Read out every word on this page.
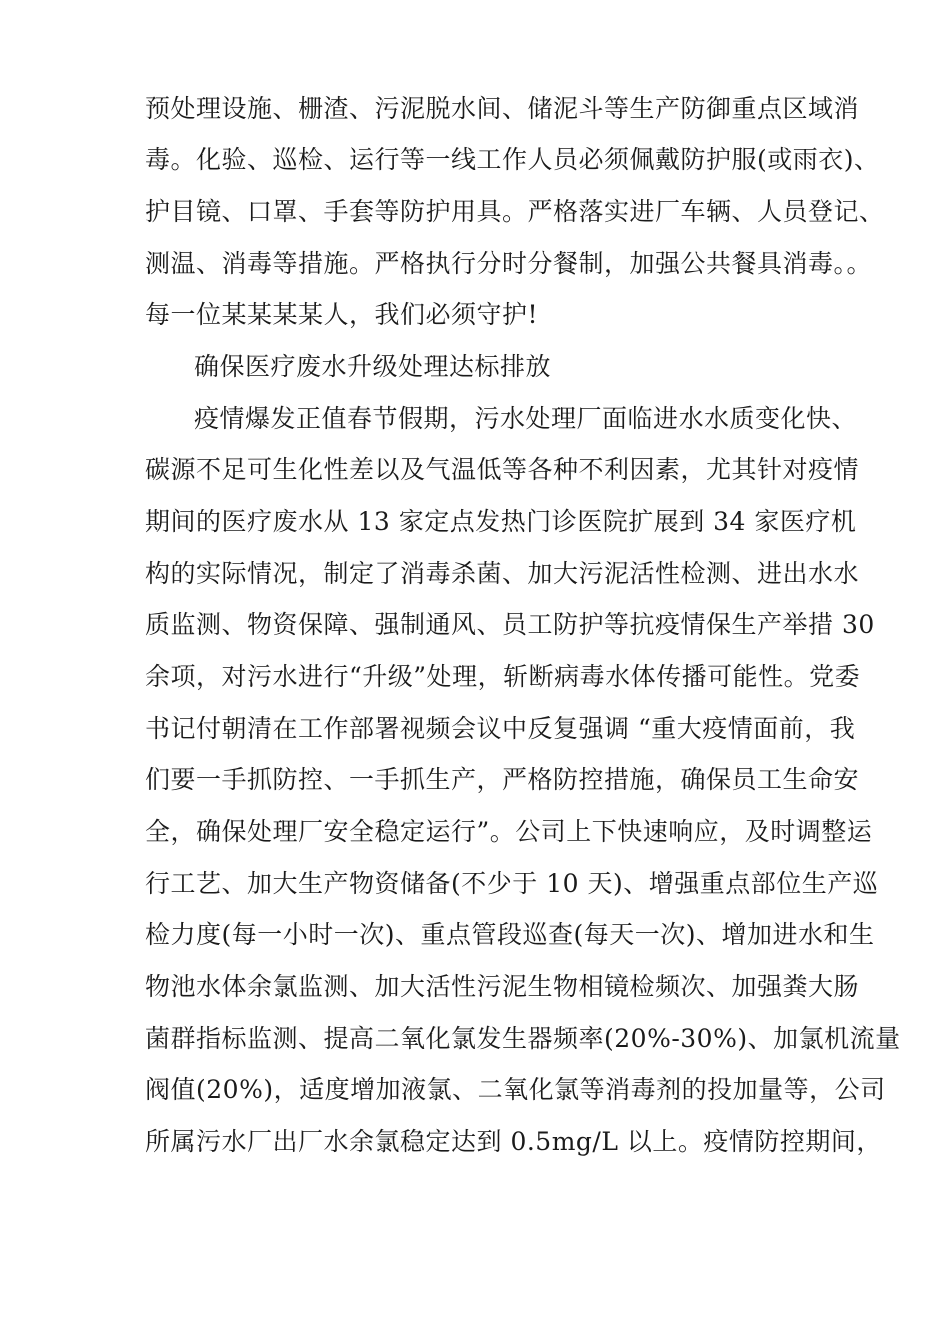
预处理设施、栅渣、污泥脱水间、储泥斗等生产防御重点区域消
毒。化验、巡检、运行等一线工作人员必须佩戴防护服(或雨衣)、
护目镜、口罩、手套等防护用具。严格落实进厂车辆、人员登记、
测温、消毒等措施。严格执行分时分餐制，加强公共餐具消毒。。
每一位某某某某人，我们必须守护!
确保医疗废水升级处理达标排放
疫情爆发正值春节假期，污水处理厂面临进水水质变化快、
碳源不足可生化性差以及气温低等各种不利因素，尤其针对疫情
期间的医疗废水从 13 家定点发热门诊医院扩展到 34 家医疗机
构的实际情况，制定了消毒杀菌、加大污泥活性检测、进出水水
质监测、物资保障、强制通风、员工防护等抗疫情保生产举措 30
余项，对污水进行“升级”处理，斩断病毒水体传播可能性。党委
书记付朝清在工作部署视频会议中反复强调 “重大疫情面前，我
们要一手抓防控、一手抓生产，严格防控措施，确保员工生命安
全，确保处理厂安全稳定运行”。公司上下快速响应，及时调整运
行工艺、加大生产物资储备(不少于 10 天)、增强重点部位生产巡
检力度(每一小时一次)、重点管段巡查(每天一次)、增加进水和生
物池水体余氯监测、加大活性污泥生物相镜检频次、加强粪大肠
菌群指标监测、提高二氧化氯发生器频率(20%-30%)、加氯机流量
阀值(20%)，适度增加液氯、二氧化氯等消毒剂的投加量等，公司
所属污水厂出厂水余氯稳定达到 0.5mg/L 以上。疫情防控期间，
